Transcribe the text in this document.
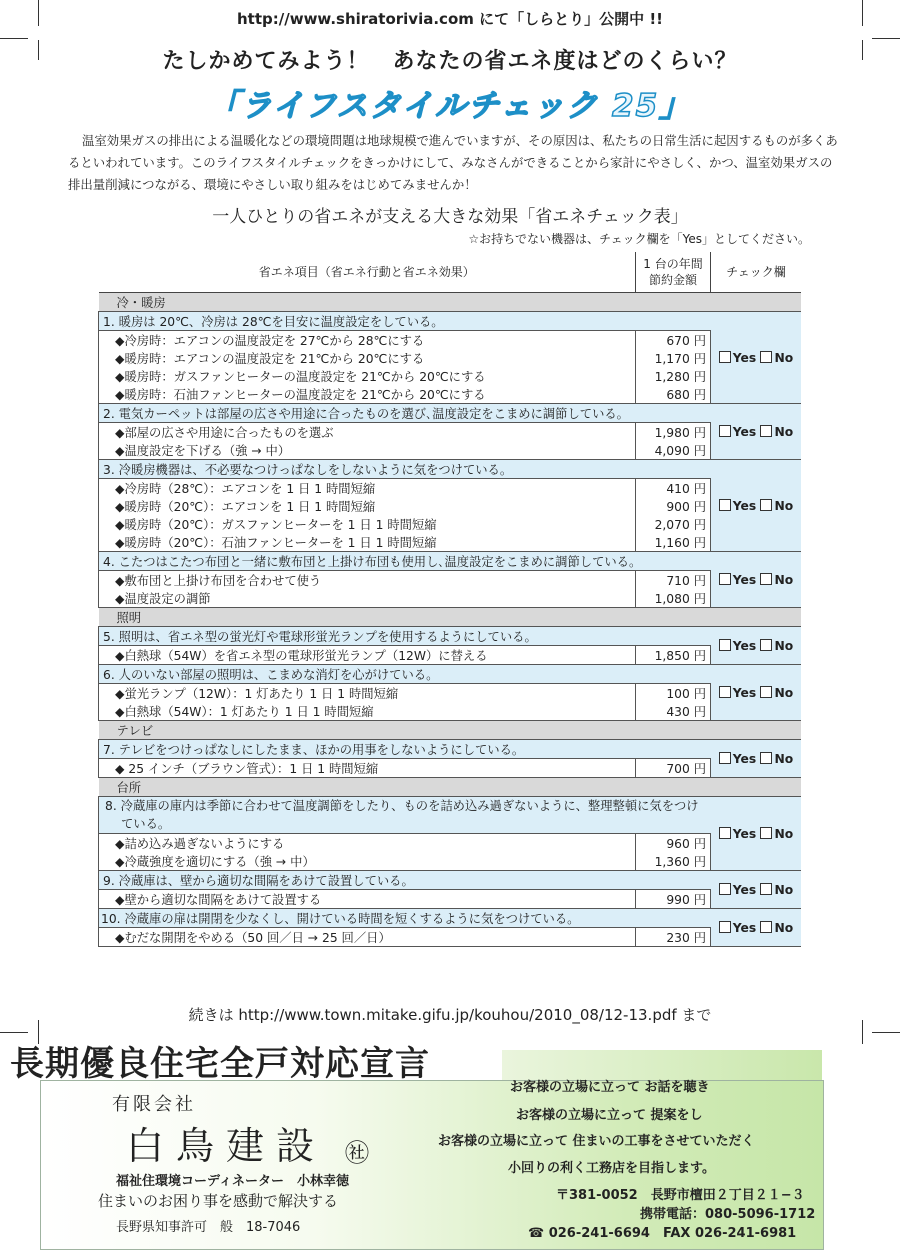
http://www.shiratorivia.com にて「しらとり」公開中 !!
たしかめてみよう！　あなたの省エネ度はどのくらい？
「ライフスタイルチェック 25」
温室効果ガスの排出による温暖化などの環境問題は地球規模で進んでいますが、その原因は、私たちの日常生活に起因するものが多くあるといわれています。このライフスタイルチェックをきっかけにして、みなさんができることから家計にやさしく、かつ、温室効果ガスの排出量削減につながる、環境にやさしい取り組みをはじめてみませんか！
一人ひとりの省エネが支える大きな効果「省エネチェック表」
☆お持ちでない機器は、チェック欄を「Yes」としてください。
省エネ項目（省エネ行動と省エネ効果）	1 台の年間節約金額	チェック欄
冷・暖房		
1. 暖房は 20℃、冷房は 28℃を目安に温度設定をしている。		Yes No
◆冷房時：エアコンの温度設定を 27℃から 28℃にする	670 円	
◆暖房時：エアコンの温度設定を 21℃から 20℃にする	1,170 円	
◆暖房時：ガスファンヒーターの温度設定を 21℃から 20℃にする	1,280 円	
◆暖房時：石油ファンヒーターの温度設定を 21℃から 20℃にする	680 円	
2. 電気カーペットは部屋の広さや用途に合ったものを選び､温度設定をこまめに調節している。		Yes No
◆部屋の広さや用途に合ったものを選ぶ	1,980 円	
◆温度設定を下げる（強 → 中）	4,090 円	
3. 冷暖房機器は、不必要なつけっぱなしをしないように気をつけている。		Yes No
◆冷房時（28℃）：エアコンを 1 日 1 時間短縮	410 円	
◆暖房時（20℃）：エアコンを 1 日 1 時間短縮	900 円	
◆暖房時（20℃）：ガスファンヒーターを 1 日 1 時間短縮	2,070 円	
◆暖房時（20℃）：石油ファンヒーターを 1 日 1 時間短縮	1,160 円	
4. こたつはこたつ布団と一緒に敷布団と上掛け布団も使用し､温度設定をこまめに調節している。		Yes No
◆敷布団と上掛け布団を合わせて使う	710 円	
◆温度設定の調節	1,080 円	
照明		
5. 照明は、省エネ型の蛍光灯や電球形蛍光ランプを使用するようにしている。		Yes No
◆白熱球（54W）を省エネ型の電球形蛍光ランプ（12W）に替える	1,850 円	
6. 人のいない部屋の照明は、こまめな消灯を心がけている。		Yes No
◆蛍光ランプ（12W）：1 灯あたり 1 日 1 時間短縮	100 円	
◆白熱球（54W）：1 灯あたり 1 日 1 時間短縮	430 円	
テレビ		
7. テレビをつけっぱなしにしたまま、ほかの用事をしないようにしている。		Yes No
◆ 25 インチ（ブラウン管式）：1 日 1 時間短縮	700 円	
台所		
8. 冷蔵庫の庫内は季節に合わせて温度調節をしたり、ものを詰め込み過ぎないように、整理整頓に気をつけている。		Yes No
◆詰め込み過ぎないようにする	960 円	
◆冷蔵強度を適切にする（強 → 中）	1,360 円	
9. 冷蔵庫は、壁から適切な間隔をあけて設置している。		Yes No
◆壁から適切な間隔をあけて設置する	990 円	
10. 冷蔵庫の扉は開閉を少なくし、開けている時間を短くするように気をつけている。		Yes No
◆むだな開閉をやめる（50 回／日 → 25 回／日）	230 円	
続きは http://www.town.mitake.gifu.jp/kouhou/2010_08/12-13.pdf まで
長期優良住宅全戸対応宣言
有限会社
白鳥建設 ㊓
福祉住環境コーディネーター　小林幸徳
住まいのお困り事を感動で解決する
長野県知事許可　般　18-7046
お客様の立場に立って お話を聴き
お客様の立場に立って 提案をし
お客様の立場に立って 住まいの工事をさせていただく
小回りの利く工務店を目指します。
〒381-0052　長野市檀田２丁目２１−３
携帯電話：080-5096-1712
☎ 026-241-6694　FAX 026-241-6981
